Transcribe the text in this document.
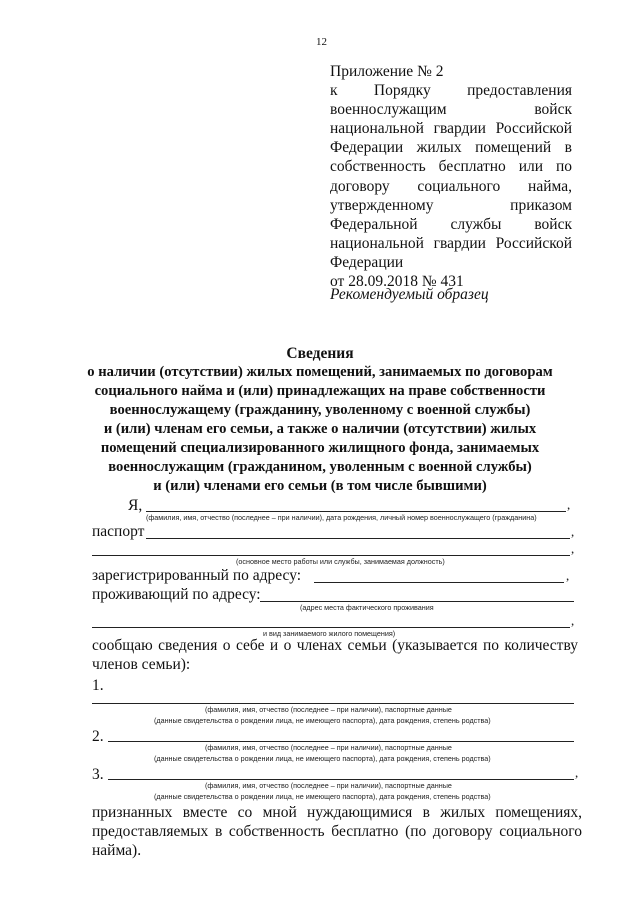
12
Приложение № 2
к Порядку предоставления
военнослужащим войск
национальной гвардии Российской
Федерации жилых помещений в
собственность бесплатно или по
договору социального найма,
утвержденному приказом
Федеральной службы войск
национальной гвардии Российской
Федерации
от 28.09.2018 № 431
Рекомендуемый образец
Сведения
о наличии (отсутствии) жилых помещений, занимаемых по договорам
социального найма и (или) принадлежащих на праве собственности
военнослужащему (гражданину, уволенному с военной службы)
и (или) членам его семьи, а также о наличии (отсутствии) жилых
помещений специализированного жилищного фонда, занимаемых
военнослужащим (гражданином, уволенным с военной службы)
и (или) членами его семьи (в том числе бывшими)
Я,	,
(фамилия, имя, отчество (последнее – при наличии), дата рождения, личный номер военнослужащего (гражданина)
паспорт	,
,
(основное место работы или службы, занимаемая должность)
зарегистрированный по адресу:	,
проживающий по адресу:
(адрес места фактического проживания
,
и вид занимаемого жилого помещения)
сообщаю сведения о себе и о членах семьи (указывается по количеству
членов семьи):
1.
(фамилия, имя, отчество (последнее – при наличии), паспортные данные
(данные свидетельства о рождении лица, не имеющего паспорта), дата рождения, степень родства)
2.
(фамилия, имя, отчество (последнее – при наличии), паспортные данные
(данные свидетельства о рождении лица, не имеющего паспорта), дата рождения, степень родства)
3.	,
(фамилия, имя, отчество (последнее – при наличии), паспортные данные
(данные свидетельства о рождении лица, не имеющего паспорта), дата рождения, степень родства)
признанных вместе со мной нуждающимися в жилых помещениях,
предоставляемых в собственность бесплатно (по договору социального
найма).
